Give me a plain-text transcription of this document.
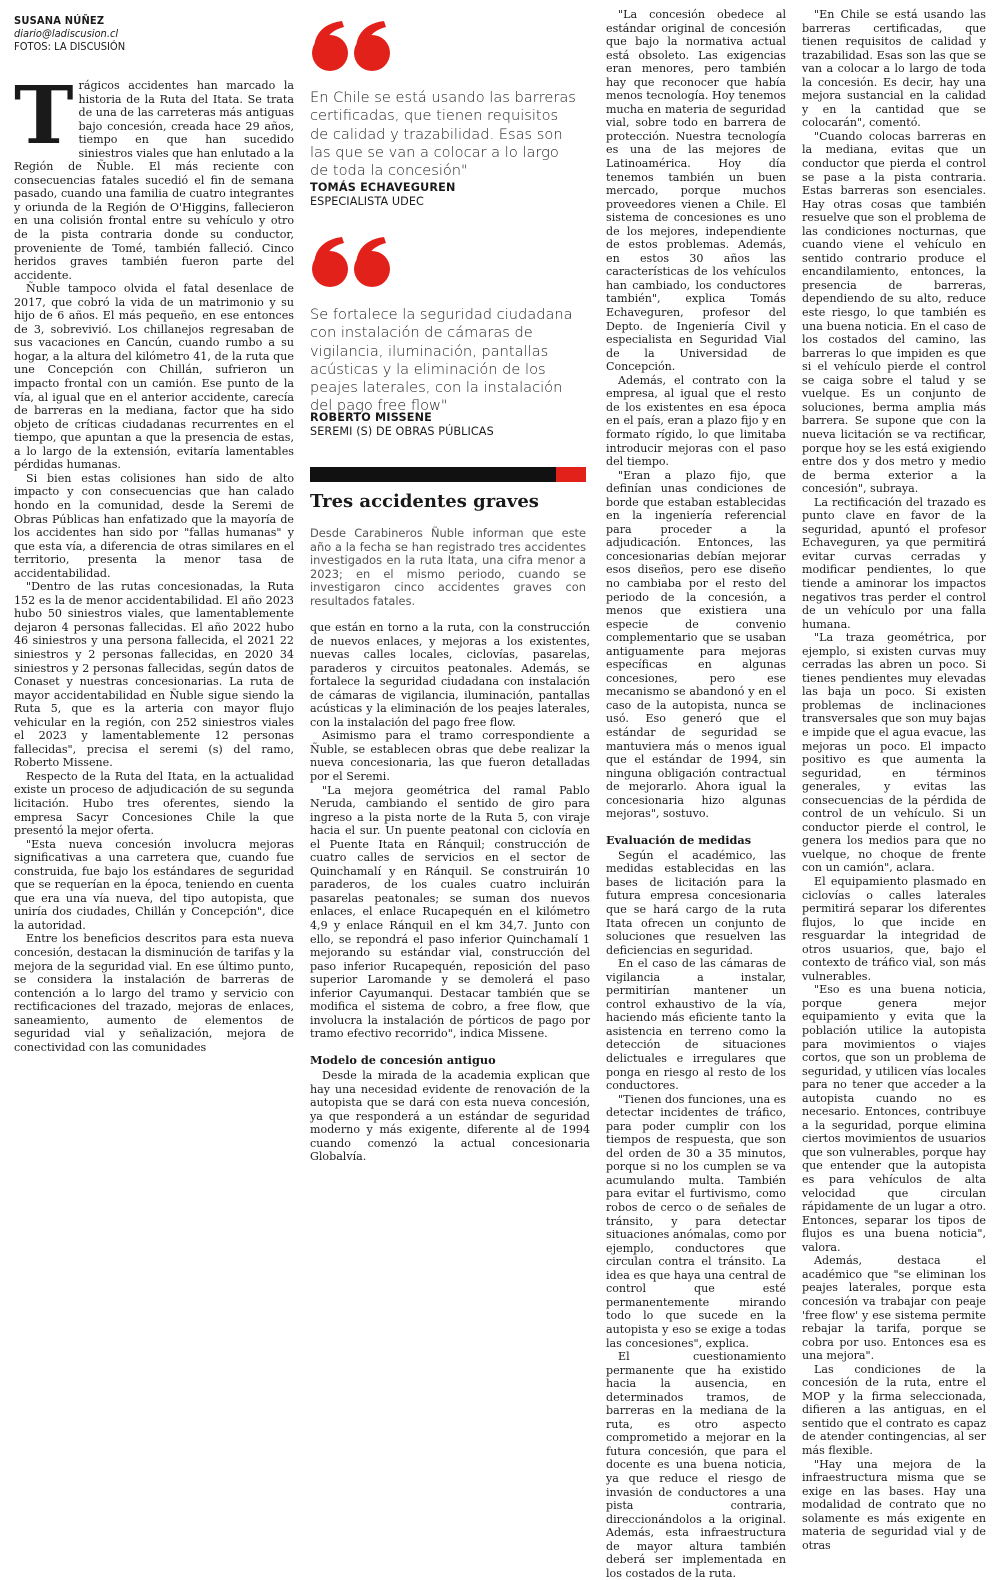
SUSANA NÚÑEZ
diario@ladiscusion.cl
FOTOS: LA DISCUSIÓN

Trágicos accidentes han marcado la historia de la Ruta del Itata. Se trata de una de las carreteras más antiguas bajo concesión, creada hace 29 años, tiempo en que han sucedido siniestros viales que han enlutado a la Región de Ñuble. El más reciente con consecuencias fatales sucedió el fin de semana pasado, cuando una familia de cuatro integrantes y oriunda de la Región de O'Higgins, fallecieron en una colisión frontal entre su vehículo y otro de la pista contraria donde su conductor, proveniente de Tomé, también falleció. Cinco heridos graves también fueron parte del accidente.

Ñuble tampoco olvida el fatal desenlace de 2017, que cobró la vida de un matrimonio y su hijo de 6 años. El más pequeño, en ese entonces de 3, sobrevivió. Los chillanejos regresaban de sus vacaciones en Cancún, cuando rumbo a su hogar, a la altura del kilómetro 41, de la ruta que une Concepción con Chillán, sufrieron un impacto frontal con un camión. Ese punto de la vía, al igual que en el anterior accidente, carecía de barreras en la mediana, factor que ha sido objeto de críticas ciudadanas recurrentes en el tiempo, que apuntan a que la presencia de estas, a lo largo de la extensión, evitaría lamentables pérdidas humanas.

Si bien estas colisiones han sido de alto impacto y con consecuencias que han calado hondo en la comunidad, desde la Seremi de Obras Públicas han enfatizado que la mayoría de los accidentes han sido por "fallas humanas" y que esta vía, a diferencia de otras similares en el territorio, presenta la menor tasa de accidentabilidad.

"Dentro de las rutas concesionadas, la Ruta 152 es la de menor accidentabilidad. El año 2023 hubo 50 siniestros viales, que lamentablemente dejaron 4 personas fallecidas. El año 2022 hubo 46 siniestros y una persona fallecida, el 2021 22 siniestros y 2 personas fallecidas, en 2020 34 siniestros y 2 personas fallecidas, según datos de Conaset y nuestras concesionarias. La ruta de mayor accidentabilidad en Ñuble sigue siendo la Ruta 5, que es la arteria con mayor flujo vehicular en la región, con 252 siniestros viales el 2023 y lamentablemente 12 personas fallecidas", precisa el seremi (s) del ramo, Roberto Missene.

Respecto de la Ruta del Itata, en la actualidad existe un proceso de adjudicación de su segunda licitación. Hubo tres oferentes, siendo la empresa Sacyr Concesiones Chile la que presentó la mejor oferta.

"Esta nueva concesión involucra mejoras significativas a una carretera que, cuando fue construida, fue bajo los estándares de seguridad que se requerían en la época, teniendo en cuenta que era una vía nueva, del tipo autopista, que uniría dos ciudades, Chillán y Concepción", dice la autoridad.

Entre los beneficios descritos para esta nueva concesión, destacan la disminución de tarifas y la mejora de la seguridad vial. En ese último punto, se considera la instalación de barreras de contención a lo largo del tramo y servicio con rectificaciones del trazado, mejoras de enlaces, saneamiento, aumento de elementos de seguridad vial y señalización, mejora de conectividad con las comunidades

En Chile se está usando las barreras certificadas, que tienen requisitos de calidad y trazabilidad. Esas son las que se van a colocar a lo largo de toda la concesión"
TOMÁS ECHAVEGUREN
ESPECIALISTA UDEC
Se fortalece la seguridad ciudadana con instalación de cámaras de vigilancia, iluminación, pantallas acústicas y la eliminación de los peajes laterales, con la instalación del pago free flow"
ROBERTO MISSENE
SEREMI (S) DE OBRAS PÚBLICAS
Tres accidentes graves
Desde Carabineros Ñuble informan que este año a la fecha se han registrado tres accidentes investigados en la ruta Itata, una cifra menor a 2023; en el mismo periodo, cuando se investigaron cinco accidentes graves con resultados fatales.

que están en torno a la ruta, con la construcción de nuevos enlaces, y mejoras a los existentes, nuevas calles locales, ciclovías, pasarelas, paraderos y circuitos peatonales. Además, se fortalece la seguridad ciudadana con instalación de cámaras de vigilancia, iluminación, pantallas acústicas y la eliminación de los peajes laterales, con la instalación del pago free flow.

Asimismo para el tramo correspondiente a Ñuble, se establecen obras que debe realizar la nueva concesionaria, las que fueron detalladas por el Seremi.

"La mejora geométrica del ramal Pablo Neruda, cambiando el sentido de giro para ingreso a la pista norte de la Ruta 5, con viraje hacia el sur. Un puente peatonal con ciclovía en el Puente Itata en Ránquil; construcción de cuatro calles de servicios en el sector de Quinchamalí y en Ránquil. Se construirán 10 paraderos, de los cuales cuatro incluirán pasarelas peatonales; se suman dos nuevos enlaces, el enlace Rucapequén en el kilómetro 4,9 y enlace Ránquil en el km 34,7. Junto con ello, se repondrá el paso inferior Quinchamalí 1 mejorando su estándar vial, construcción del paso inferior Rucapequén, reposición del paso superior Laromande y se demolerá el paso inferior Cayumanqui. Destacar también que se modifica el sistema de cobro, a free flow, que involucra la instalación de pórticos de pago por tramo efectivo recorrido", indica Missene.

Modelo de concesión antiguo

Desde la mirada de la academia explican que hay una necesidad evidente de renovación de la autopista que se dará con esta nueva concesión, ya que responderá a un estándar de seguridad moderno y más exigente, diferente al de 1994 cuando comenzó la actual concesionaria Globalvía.

"La concesión obedece al estándar original de concesión que bajo la normativa actual está obsoleto. Las exigencias eran menores, pero también hay que reconocer que había menos tecnología. Hoy tenemos mucha en materia de seguridad vial, sobre todo en barrera de protección. Nuestra tecnología es una de las mejores de Latinoamérica. Hoy día tenemos también un buen mercado, porque muchos proveedores vienen a Chile. El sistema de concesiones es uno de los mejores, independiente de estos problemas. Además, en estos 30 años las características de los vehículos han cambiado, los conductores también", explica Tomás Echaveguren, profesor del Depto. de Ingeniería Civil y especialista en Seguridad Vial de la Universidad de Concepción.

Además, el contrato con la empresa, al igual que el resto de los existentes en esa época en el país, eran a plazo fijo y en formato rígido, lo que limitaba introducir mejoras con el paso del tiempo.

"Eran a plazo fijo, que definían unas condiciones de borde que estaban establecidas en la ingeniería referencial para proceder a la adjudicación. Entonces, las concesionarias debían mejorar esos diseños, pero ese diseño no cambiaba por el resto del periodo de la concesión, a menos que existiera una especie de convenio complementario que se usaban antiguamente para mejoras específicas en algunas concesiones, pero ese mecanismo se abandonó y en el caso de la autopista, nunca se usó. Eso generó que el estándar de seguridad se mantuviera más o menos igual que el estándar de 1994, sin ninguna obligación contractual de mejorarlo. Ahora igual la concesionaria hizo algunas mejoras", sostuvo.

Evaluación de medidas

Según el académico, las medidas establecidas en las bases de licitación para la futura empresa concesionaria que se hará cargo de la ruta Itata ofrecen un conjunto de soluciones que resuelven las deficiencias en seguridad.

En el caso de las cámaras de vigilancia a instalar, permitirían mantener un control exhaustivo de la vía, haciendo más eficiente tanto la asistencia en terreno como la detección de situaciones delictuales e irregulares que ponga en riesgo al resto de los conductores.

"Tienen dos funciones, una es detectar incidentes de tráfico, para poder cumplir con los tiempos de respuesta, que son del orden de 30 a 35 minutos, porque si no los cumplen se va acumulando multa. También para evitar el furtivismo, como robos de cerco o de señales de tránsito, y para detectar situaciones anómalas, como por ejemplo, conductores que circulan contra el tránsito. La idea es que haya una central de control que esté permanentemente mirando todo lo que sucede en la autopista y eso se exige a todas las concesiones", explica.

El cuestionamiento permanente que ha existido hacia la ausencia, en determinados tramos, de barreras en la mediana de la ruta, es otro aspecto comprometido a mejorar en la futura concesión, que para el docente es una buena noticia, ya que reduce el riesgo de invasión de conductores a una pista contraria, direccionándolos a la original. Además, esta infraestructura de mayor altura también deberá ser implementada en los costados de la ruta.

"En Chile se está usando las barreras certificadas, que tienen requisitos de calidad y trazabilidad. Esas son las que se van a colocar a lo largo de toda la concesión. Es decir, hay una mejora sustancial en la calidad y en la cantidad que se colocarán", comentó.

"Cuando colocas barreras en la mediana, evitas que un conductor que pierda el control se pase a la pista contraria. Estas barreras son esenciales. Hay otras cosas que también resuelve que son el problema de las condiciones nocturnas, que cuando viene el vehículo en sentido contrario produce el encandilamiento, entonces, la presencia de barreras, dependiendo de su alto, reduce este riesgo, lo que también es una buena noticia. En el caso de los costados del camino, las barreras lo que impiden es que si el vehículo pierde el control se caiga sobre el talud y se vuelque. Es un conjunto de soluciones, berma amplia más barrera. Se supone que con la nueva licitación se va rectificar, porque hoy se les está exigiendo entre dos y dos metro y medio de berma exterior a la concesión", subraya.

La rectificación del trazado es punto clave en favor de la seguridad, apuntó el profesor Echaveguren, ya que permitirá evitar curvas cerradas y modificar pendientes, lo que tiende a aminorar los impactos negativos tras perder el control de un vehículo por una falla humana.

"La traza geométrica, por ejemplo, si existen curvas muy cerradas las abren un poco. Si tienes pendientes muy elevadas las baja un poco. Si existen problemas de inclinaciones transversales que son muy bajas e impide que el agua evacue, las mejoras un poco. El impacto positivo es que aumenta la seguridad, en términos generales, y evitas las consecuencias de la pérdida de control de un vehículo. Si un conductor pierde el control, le genera los medios para que no vuelque, no choque de frente con un camión", aclara.

El equipamiento plasmado en ciclovías o calles laterales permitirá separar los diferentes flujos, lo que incide en resguardar la integridad de otros usuarios, que, bajo el contexto de tráfico vial, son más vulnerables.

"Eso es una buena noticia, porque genera mejor equipamiento y evita que la población utilice la autopista para movimientos o viajes cortos, que son un problema de seguridad, y utilicen vías locales para no tener que acceder a la autopista cuando no es necesario. Entonces, contribuye a la seguridad, porque elimina ciertos movimientos de usuarios que son vulnerables, porque hay que entender que la autopista es para vehículos de alta velocidad que circulan rápidamente de un lugar a otro. Entonces, separar los tipos de flujos es una buena noticia", valora.

Además, destaca el académico que "se eliminan los peajes laterales, porque esta concesión va trabajar con peaje 'free flow' y ese sistema permite rebajar la tarifa, porque se cobra por uso. Entonces esa es una mejora".

Las condiciones de la concesión de la ruta, entre el MOP y la firma seleccionada, difieren a las antiguas, en el sentido que el contrato es capaz de atender contingencias, al ser más flexible.

"Hay una mejora de la infraestructura misma que se exige en las bases. Hay una modalidad de contrato que no solamente es más exigente en materia de seguridad vial y de otras
